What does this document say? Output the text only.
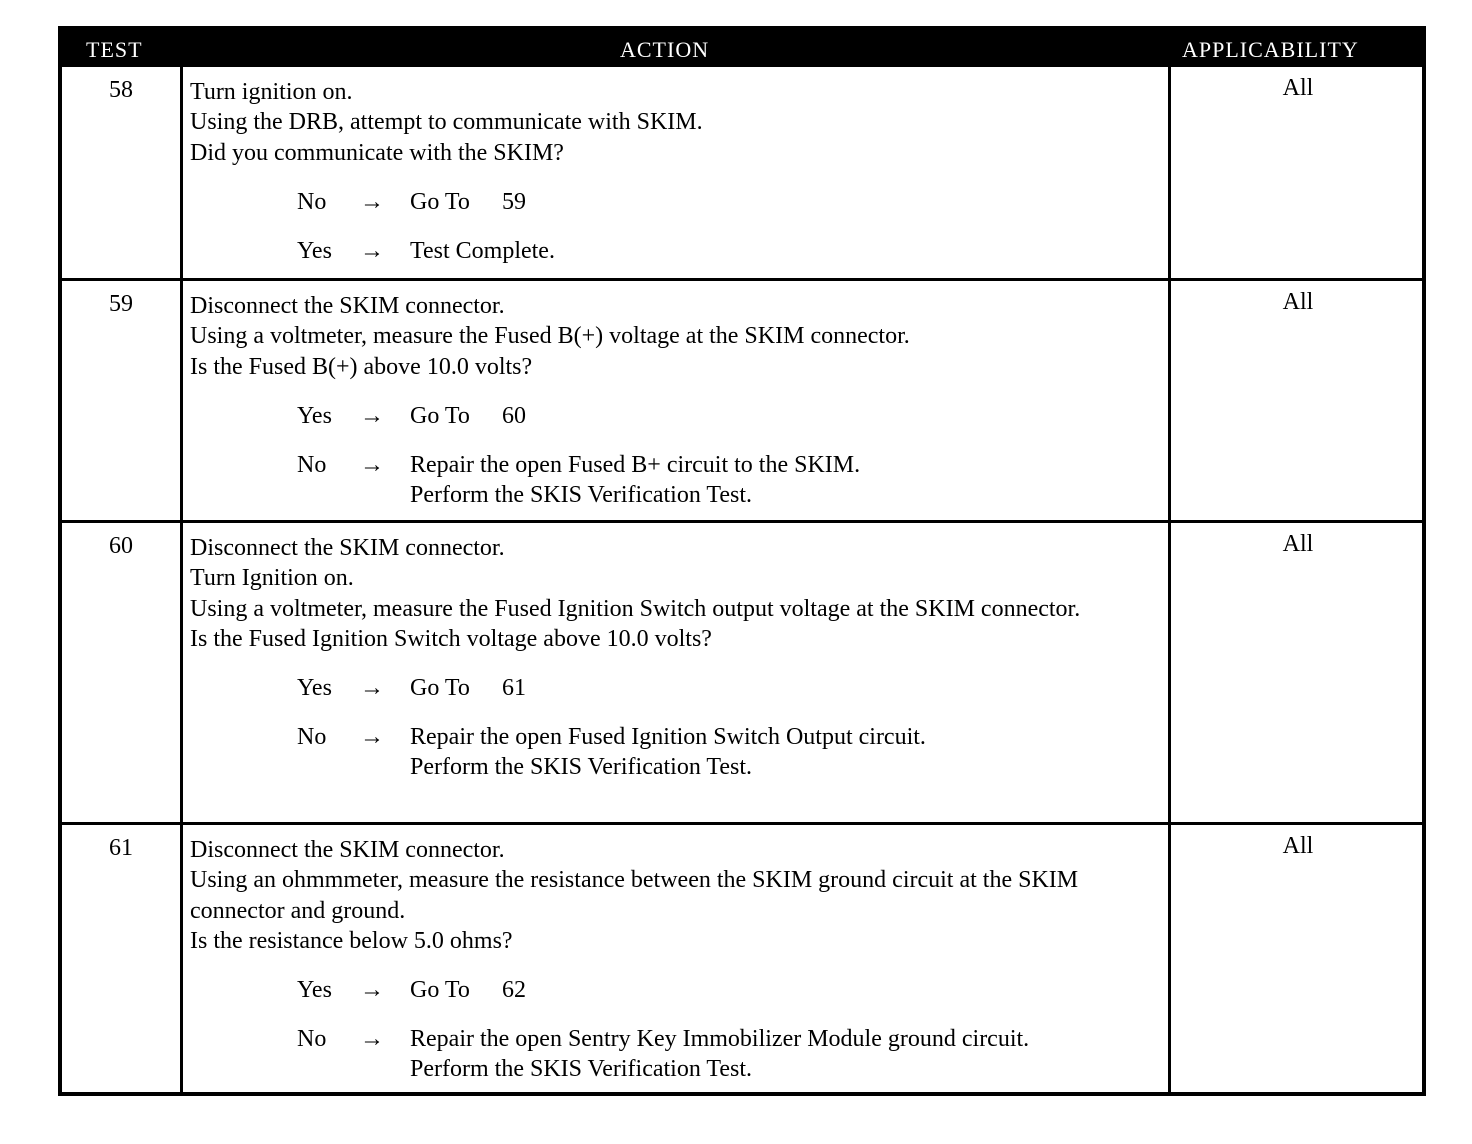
TEST	ACTION	APPLICABILITY
58	Turn ignition on.

Using the DRB, attempt to communicate with SKIM.

Did you communicate with the SKIM?

No → Go To 59
Yes → Test Complete.

All
59	Disconnect the SKIM connector.

Using a voltmeter, measure the Fused B(+) voltage at the SKIM connector.

Is the Fused B(+) above 10.0 volts?

Yes → Go To 60
No → Repair the open Fused B+ circuit to the SKIM.

Perform the SKIS Verification Test.

All
60	Disconnect the SKIM connector.

Turn Ignition on.

Using a voltmeter, measure the Fused Ignition Switch output voltage at the SKIM connector.

Is the Fused Ignition Switch voltage above 10.0 volts?

Yes → Go To 61
No → Repair the open Fused Ignition Switch Output circuit.

Perform the SKIS Verification Test.

All
61	Disconnect the SKIM connector.

Using an ohmmmeter, measure the resistance between the SKIM ground circuit at the SKIM connector and ground.

Is the resistance below 5.0 ohms?

Yes → Go To 62
No → Repair the open Sentry Key Immobilizer Module ground circuit.

Perform the SKIS Verification Test.

All
